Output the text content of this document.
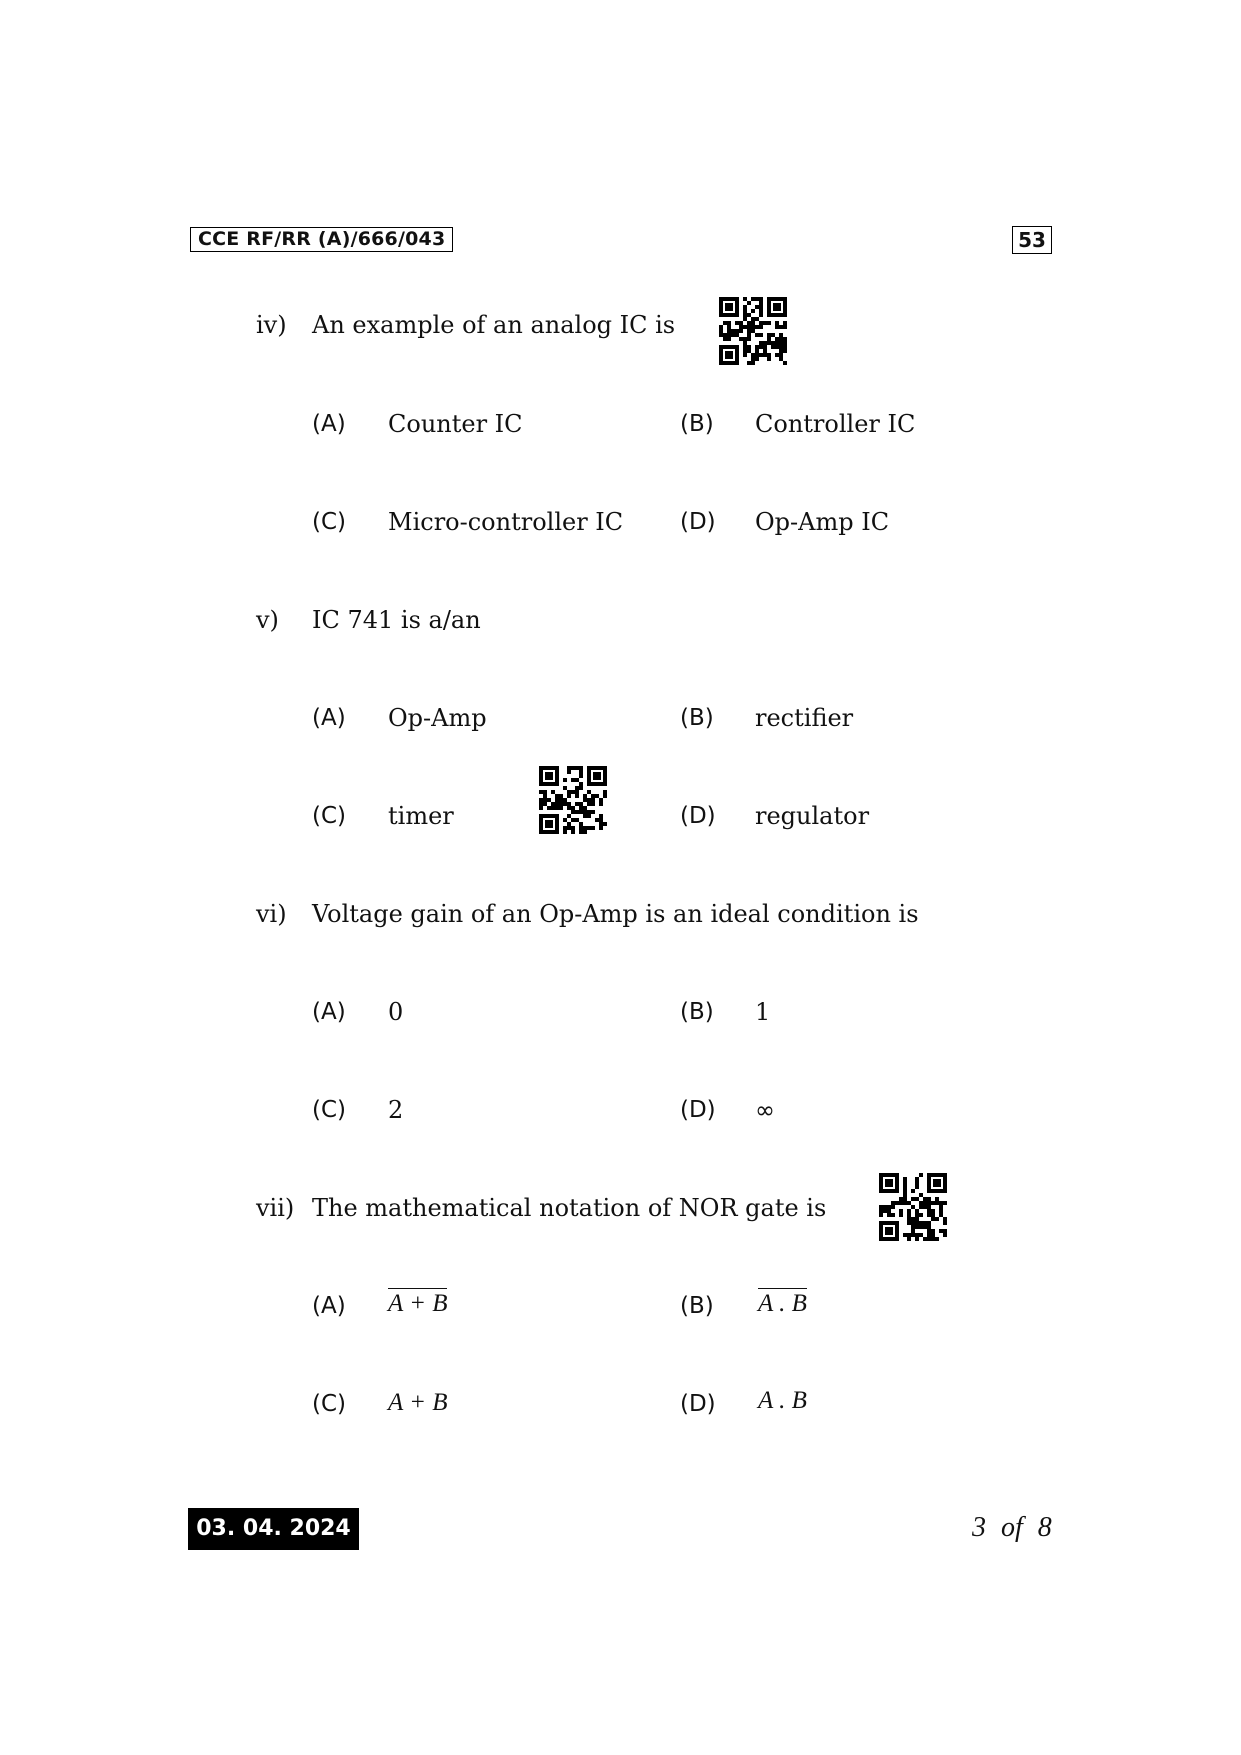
CCE RF/RR (A)/666/043	53
iv) An example of an analog IC is
(A) Counter IC	(B) Controller IC
(C) Micro-controller IC (D) Op-Amp IC
v) IC 741 is a/an
(A) Op-Amp	(B) rectifier
(C) timer	(D) regulator
vi) Voltage gain of an Op-Amp is an ideal condition is
(A) 0	(B) 1
(C) 2	(D) ∞
vii) The mathematical notation of NOR gate is
(A) A + B	(B) A . B
(C) A + B	(D) A . B
03. 04. 2024	3 of 8
